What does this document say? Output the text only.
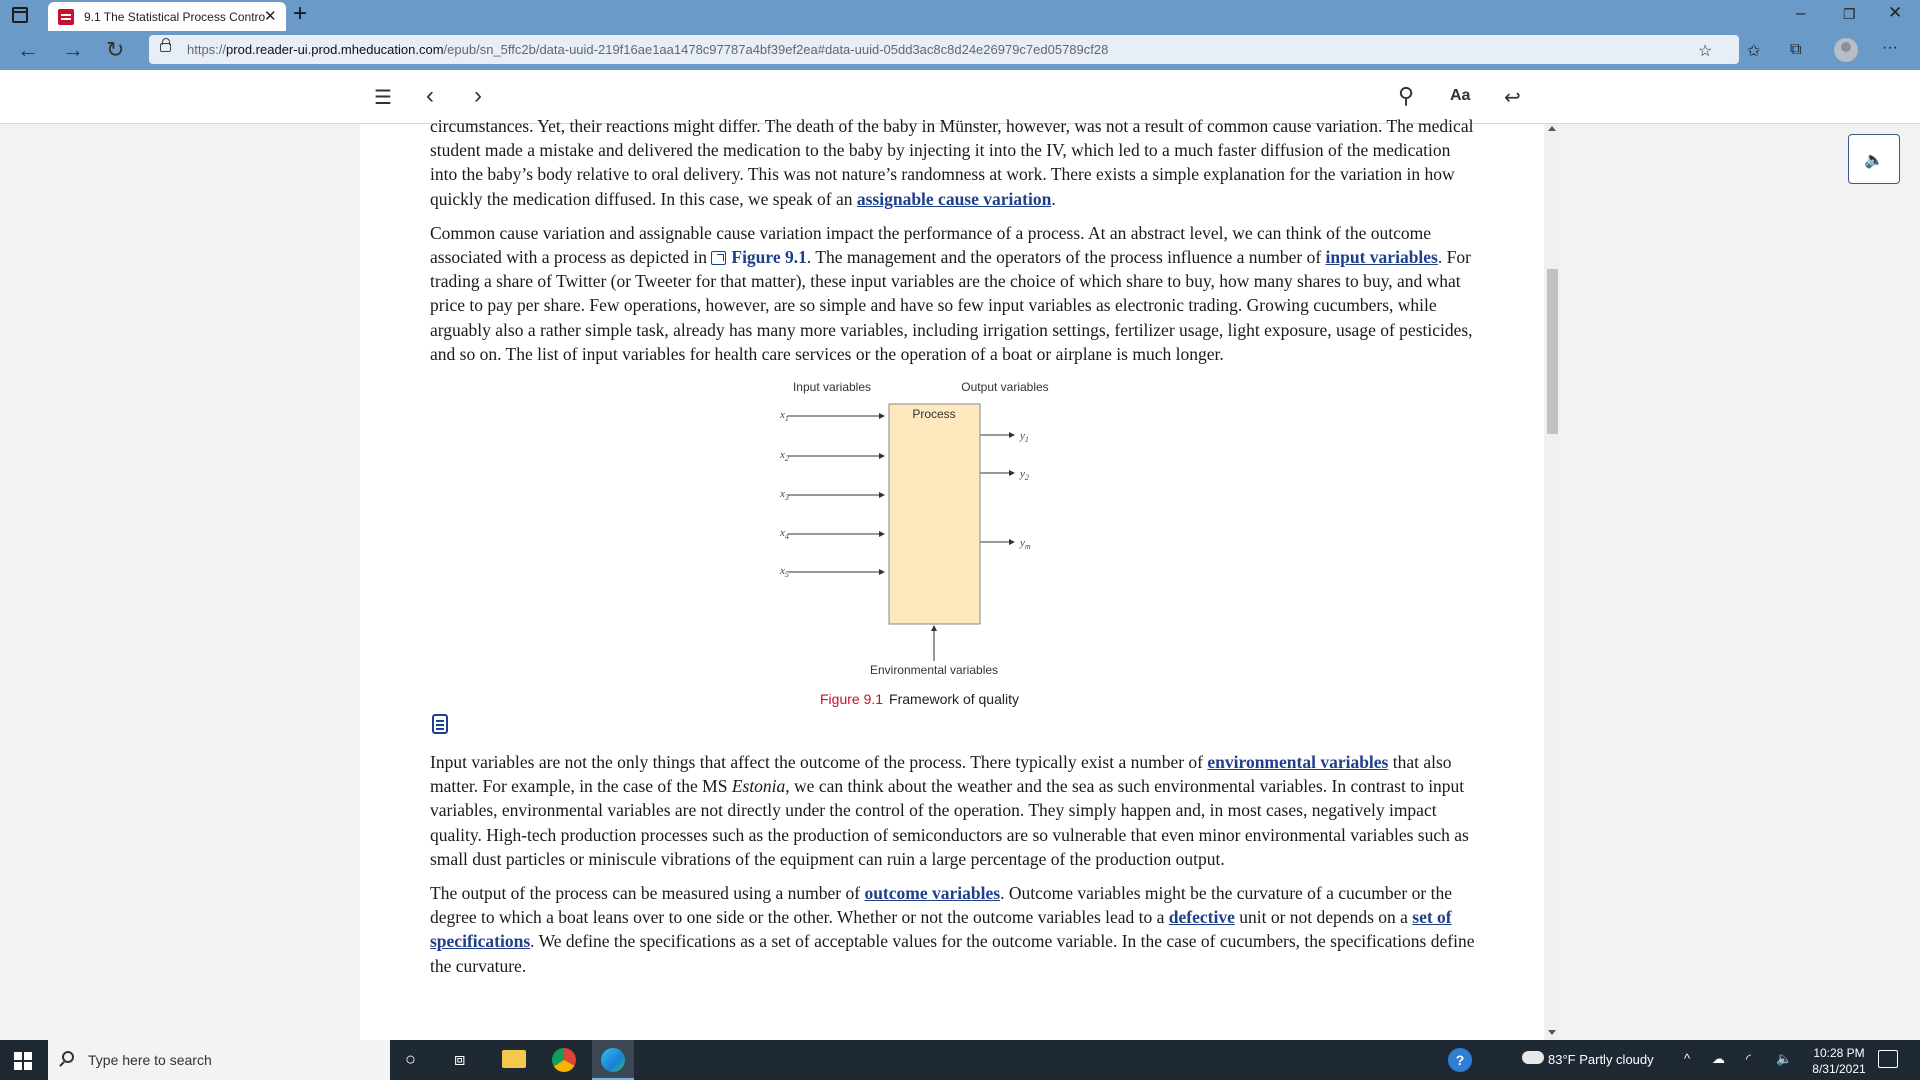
9.1 The Statistical Process Contro
✕ +	–	❐ ✕
← → ↻	https://prod.reader-ui.prod.mheducation.com/epub/sn_5ffc2b/data-uuid-219f16ae1aa1478c97787a4bf39ef2ea#data-uuid-05dd3ac8c8d24e26979c7ed05789cf28	☆ ✩ ⧉	···
☰ ‹ ›	⚲ Aa ↩

circumstances. Yet, their reactions might differ. The death of the baby in Münster, however, was not a result of common cause variation. The medical student made a mistake and delivered the medication to the baby by injecting it into the IV, which led to a much faster diffusion of the medication into the baby’s body relative to oral delivery. This was not nature’s randomness at work. There exists a simple explanation for the variation in how quickly the medication diffused. In this case, we speak of an assignable cause variation.

Common cause variation and assignable cause variation impact the performance of a process. At an abstract level, we can think of the outcome associated with a process as depicted in Figure 9.1. The management and the operators of the process influence a number of input variables. For trading a share of Twitter (or Tweeter for that matter), these input variables are the choice of which share to buy, how many shares to buy, and what price to pay per share. Few operations, however, are so simple and have so few input variables as electronic trading. Growing cucumbers, while arguably also a rather simple task, already has many more variables, including irrigation settings, fertilizer usage, light exposure, usage of pesticides, and so on. The list of input variables for health care services or the operation of a boat or airplane is much longer.

$x_1$
$x_2$
$x_3$
$x_4$
$x_5$
$y_1$
$y_2$
$y_m$
Process
Input variables	Output variables
Environmental variables
Figure 9.1 Framework of quality

Input variables are not the only things that affect the outcome of the process. There typically exist a number of environmental variables that also matter. For example, in the case of the MS Estonia, we can think about the weather and the sea as such environmental variables. In contrast to input variables, environmental variables are not directly under the control of the operation. They simply happen and, in most cases, negatively impact quality. High-tech production processes such as the production of semiconductors are so vulnerable that even minor environmental variables such as small dust particles or miniscule vibrations of the equipment can ruin a large percentage of the production output.

The output of the process can be measured using a number of outcome variables. Outcome variables might be the curvature of a cucumber or the degree to which a boat leans over to one side or the other. Whether or not the outcome variables lead to a defective unit or not depends on a set of specifications. We define the specifications as a set of acceptable values for the outcome variable. In the case of cucumbers, the specifications define the curvature.

🔈
Type here to search	○ ⧈	?	83°F Partly cloudy ^ ☁ ◜ 🔈	10:28 PM
8/31/2021
